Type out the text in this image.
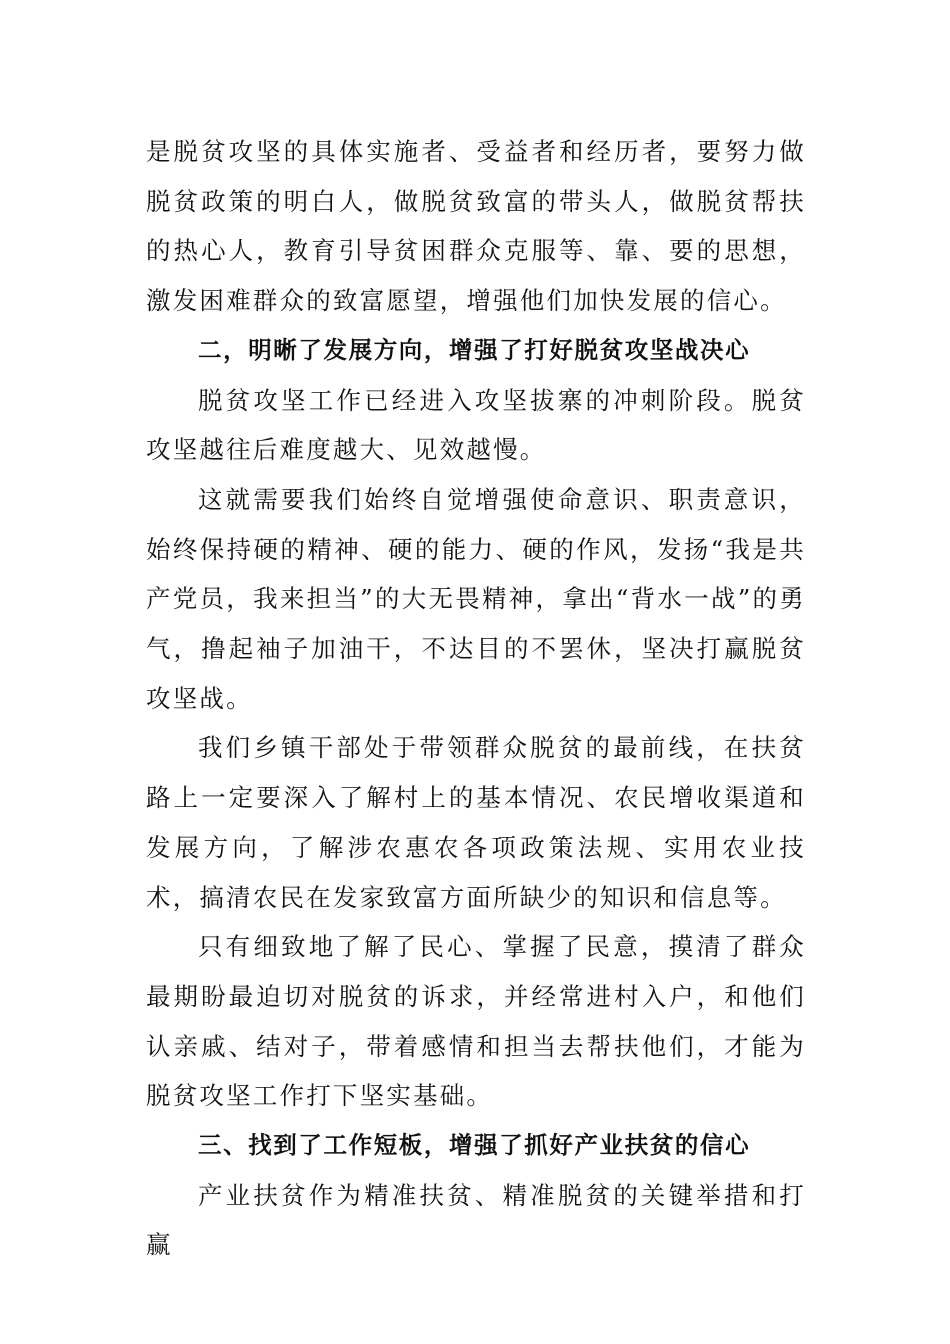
是脱贫攻坚的具体实施者、受益者和经历者，要努力做脱贫政策的明白人，做脱贫致富的带头人，做脱贫帮扶的热心人，教育引导贫困群众克服等、靠、要的思想，激发困难群众的致富愿望，增强他们加快发展的信心。

二，明晰了发展方向，增强了打好脱贫攻坚战决心

脱贫攻坚工作已经进入攻坚拔寨的冲刺阶段。脱贫攻坚越往后难度越大、见效越慢。

这就需要我们始终自觉增强使命意识、职责意识，始终保持硬的精神、硬的能力、硬的作风，发扬“我是共产党员，我来担当”的大无畏精神，拿出“背水一战”的勇气，撸起袖子加油干，不达目的不罢休，坚决打赢脱贫攻坚战。

我们乡镇干部处于带领群众脱贫的最前线，在扶贫路上一定要深入了解村上的基本情况、农民增收渠道和发展方向，了解涉农惠农各项政策法规、实用农业技术，搞清农民在发家致富方面所缺少的知识和信息等。

只有细致地了解了民心、掌握了民意，摸清了群众最期盼最迫切对脱贫的诉求，并经常进村入户，和他们认亲戚、结对子，带着感情和担当去帮扶他们，才能为脱贫攻坚工作打下坚实基础。

三、找到了工作短板，增强了抓好产业扶贫的信心

产业扶贫作为精准扶贫、精准脱贫的关键举措和打赢
